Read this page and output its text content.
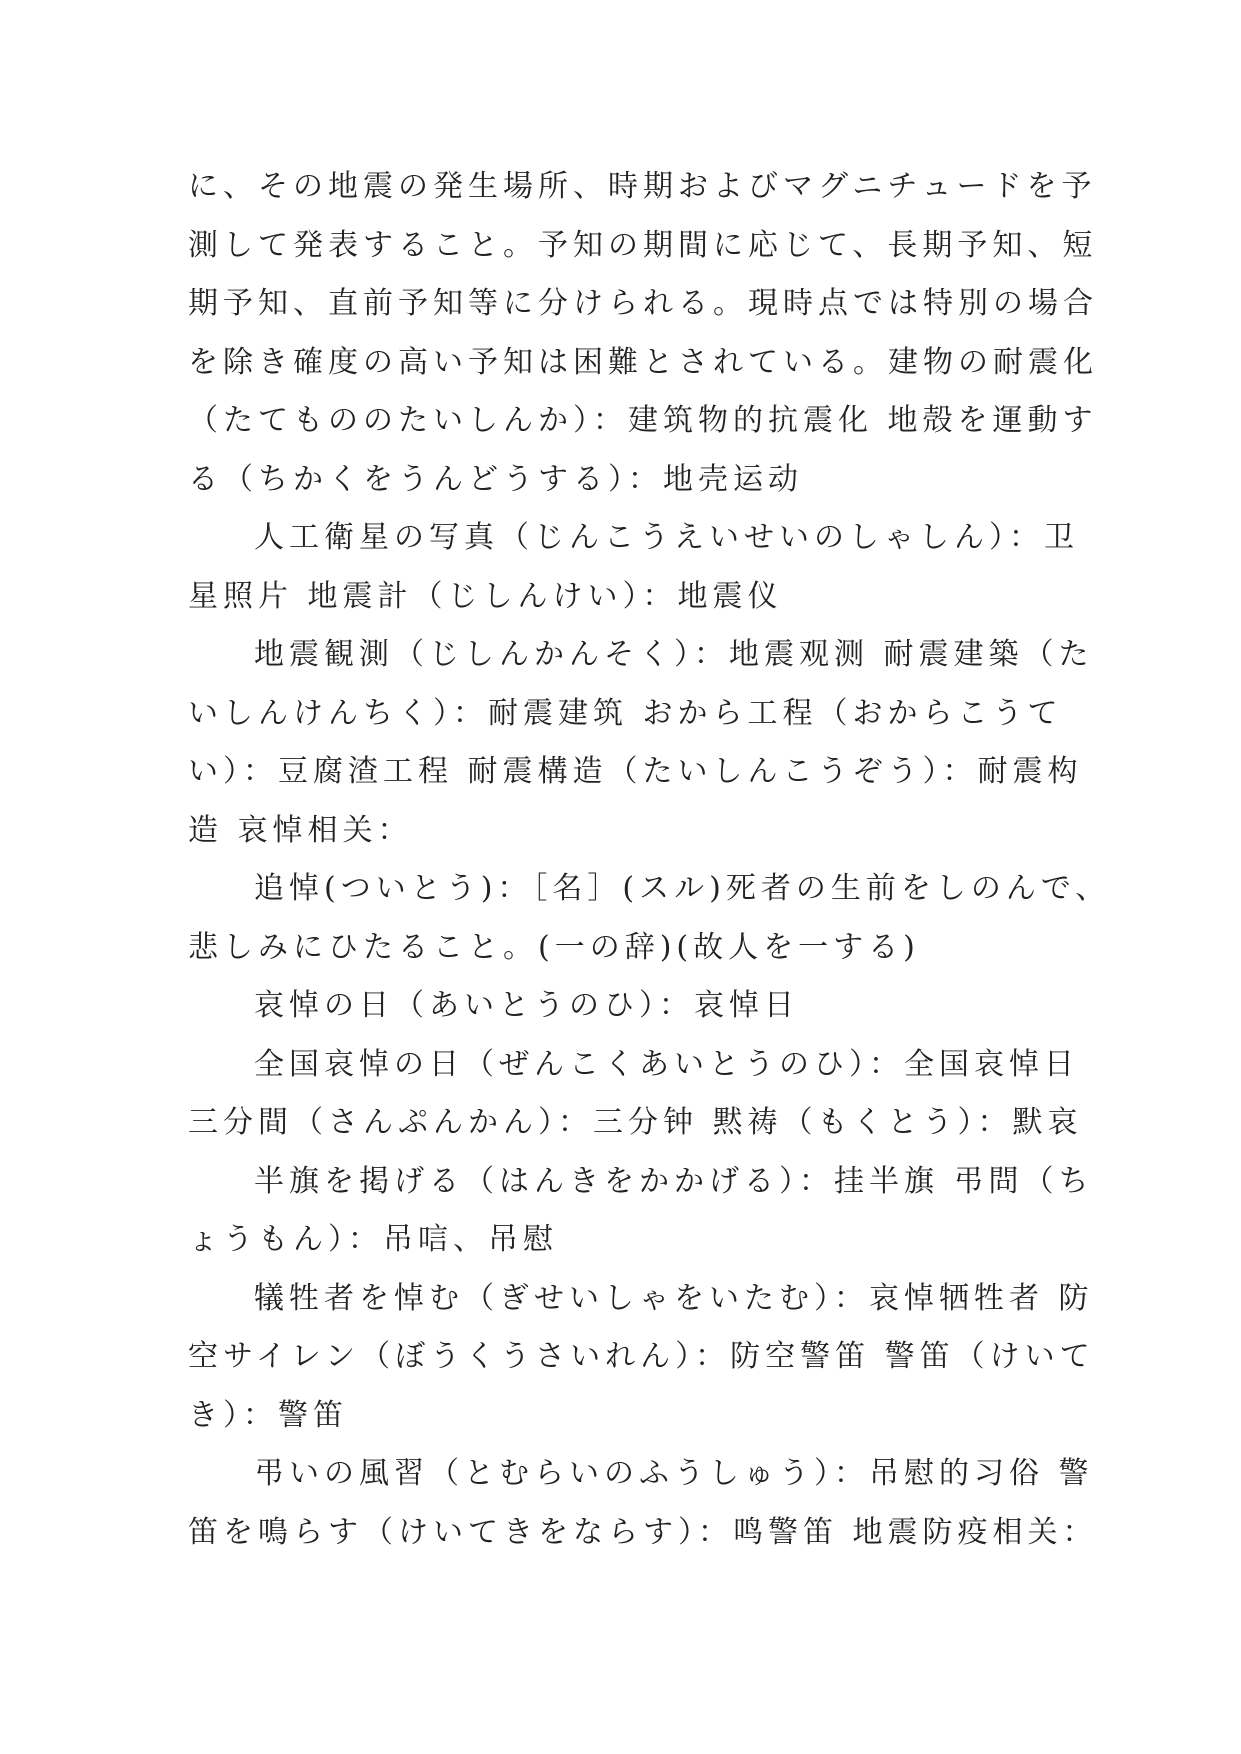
に、その地震の発生場所、時期およびマグニチュードを予

測して発表すること。予知の期間に応じて、長期予知、短

期予知、直前予知等に分けられる。現時点では特別の場合

を除き確度の高い予知は困難とされている。建物の耐震化

（たてもののたいしんか）：建筑物的抗震化 地殻を運動す

る（ちかくをうんどうする）：地壳运动

人工衛星の写真（じんこうえいせいのしゃしん）：卫

星照片 地震計（じしんけい）：地震仪

地震観測（じしんかんそく）：地震观测 耐震建築（た

いしんけんちく）：耐震建筑 おから工程（おからこうて

い）：豆腐渣工程 耐震構造（たいしんこうぞう）：耐震构

造 哀悼相关：

追悼(ついとう)：［名］(スル)死者の生前をしのんで、

悲しみにひたること。(一の辞)(故人を一する)

哀悼の日（あいとうのひ）：哀悼日

全国哀悼の日（ぜんこくあいとうのひ）：全国哀悼日

三分間（さんぷんかん）：三分钟 黙祷（もくとう）：默哀

半旗を掲げる（はんきをかかげる）：挂半旗 弔問（ち

ょうもん）：吊唁、吊慰

犠牲者を悼む（ぎせいしゃをいたむ）：哀悼牺牲者 防

空サイレン（ぼうくうさいれん）：防空警笛 警笛（けいて

き）：警笛

弔いの風習（とむらいのふうしゅう）：吊慰的习俗 警

笛を鳴らす（けいてきをならす）：鸣警笛 地震防疫相关：
